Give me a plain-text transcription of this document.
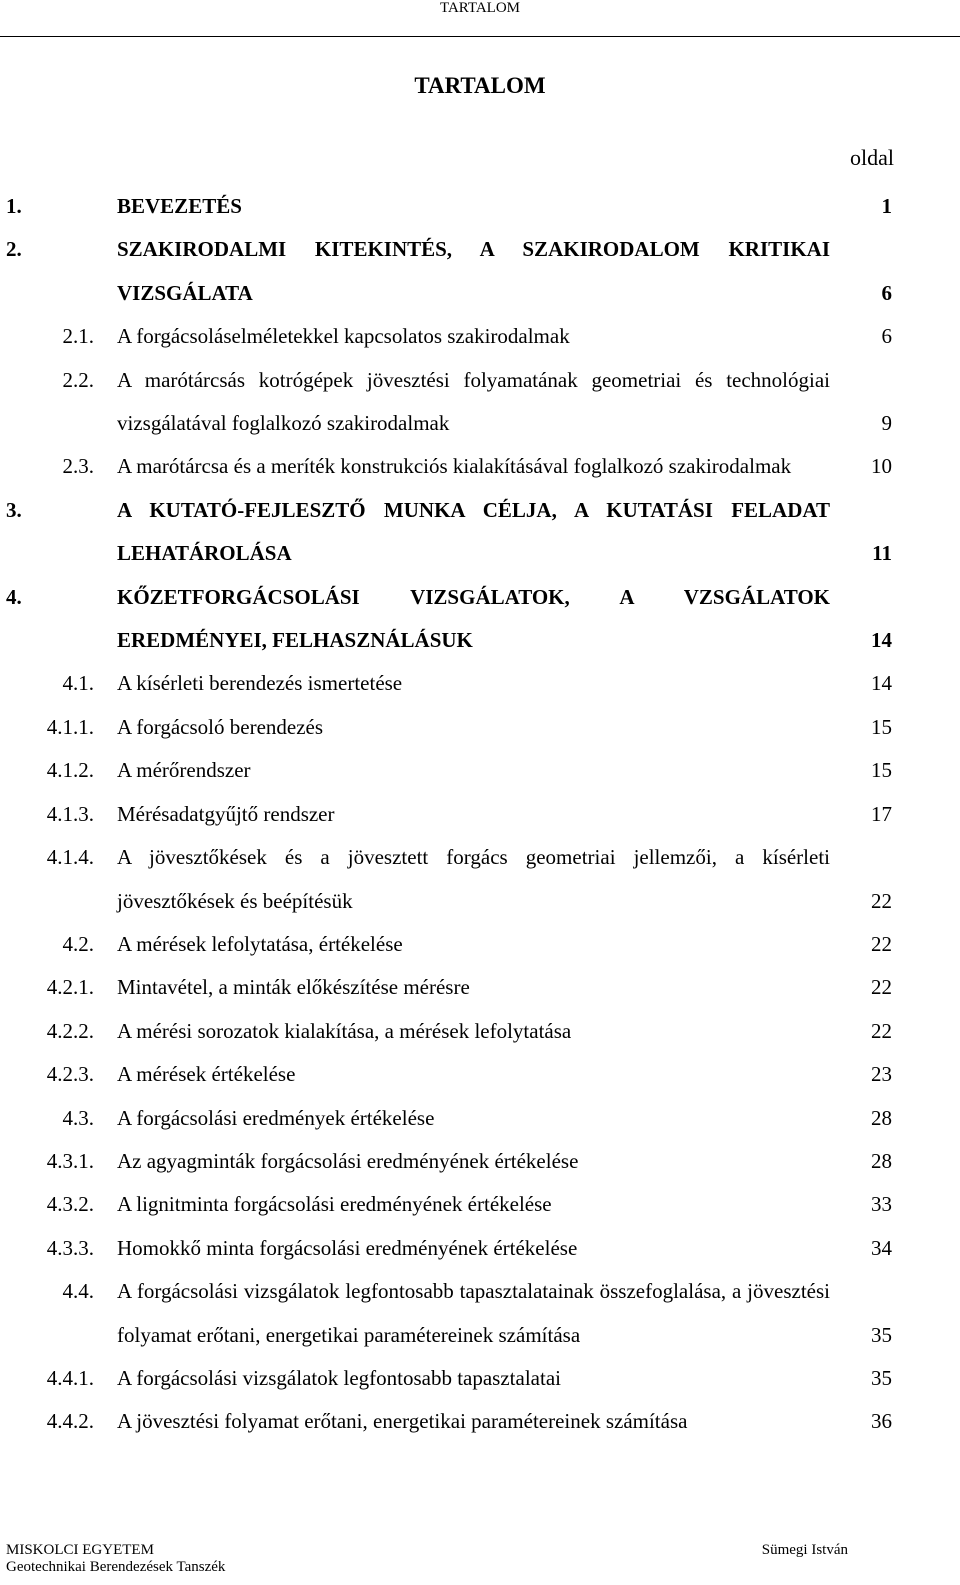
TARTALOM
TARTALOM
oldal
1.	BEVEZETÉS	1
2.	SZAKIRODALMI KITEKINTÉS, A SZAKIRODALOM KRITIKAI VIZSGÁLATA	6
2.1.	A forgácsoláselméletekkel kapcsolatos szakirodalmak	6
2.2.	A marótárcsás kotrógépek jövesztési folyamatának geometriai és technológiai vizsgálatával foglalkozó szakirodalmak	9
2.3.	A marótárcsa és a meríték konstrukciós kialakításával foglalkozó szakirodalmak	10
3.	A KUTATÓ-FEJLESZTŐ MUNKA CÉLJA, A KUTATÁSI FELADAT LEHATÁROLÁSA	11
4.	KŐZETFORGÁCSOLÁSI VIZSGÁLATOK, A VZSGÁLATOK EREDMÉNYEI, FELHASZNÁLÁSUK	14
4.1.	A kísérleti berendezés ismertetése	14
4.1.1.	A forgácsoló berendezés	15
4.1.2.	A mérőrendszer	15
4.1.3.	Mérésadatgyűjtő rendszer	17
4.1.4.	A jövesztőkések és a jövesztett forgács geometriai jellemzői, a kísérleti jövesztőkések és beépítésük	22
4.2.	A mérések lefolytatása, értékelése	22
4.2.1.	Mintavétel, a minták előkészítése mérésre	22
4.2.2.	A mérési sorozatok kialakítása, a mérések lefolytatása	22
4.2.3.	A mérések értékelése	23
4.3.	A forgácsolási eredmények értékelése	28
4.3.1.	Az agyagminták forgácsolási eredményének értékelése	28
4.3.2.	A lignitminta forgácsolási eredményének értékelése	33
4.3.3.	Homokkő minta forgácsolási eredményének értékelése	34
4.4.	A forgácsolási vizsgálatok legfontosabb tapasztalatainak összefoglalása, a jövesztési folyamat erőtani, energetikai paramétereinek számítása	35
4.4.1.	A forgácsolási vizsgálatok legfontosabb tapasztalatai	35
4.4.2.	A jövesztési folyamat erőtani, energetikai paramétereinek számítása	36
MISKOLCI EGYETEM
Geotechnikai Berendezések Tanszék
Sümegi István
